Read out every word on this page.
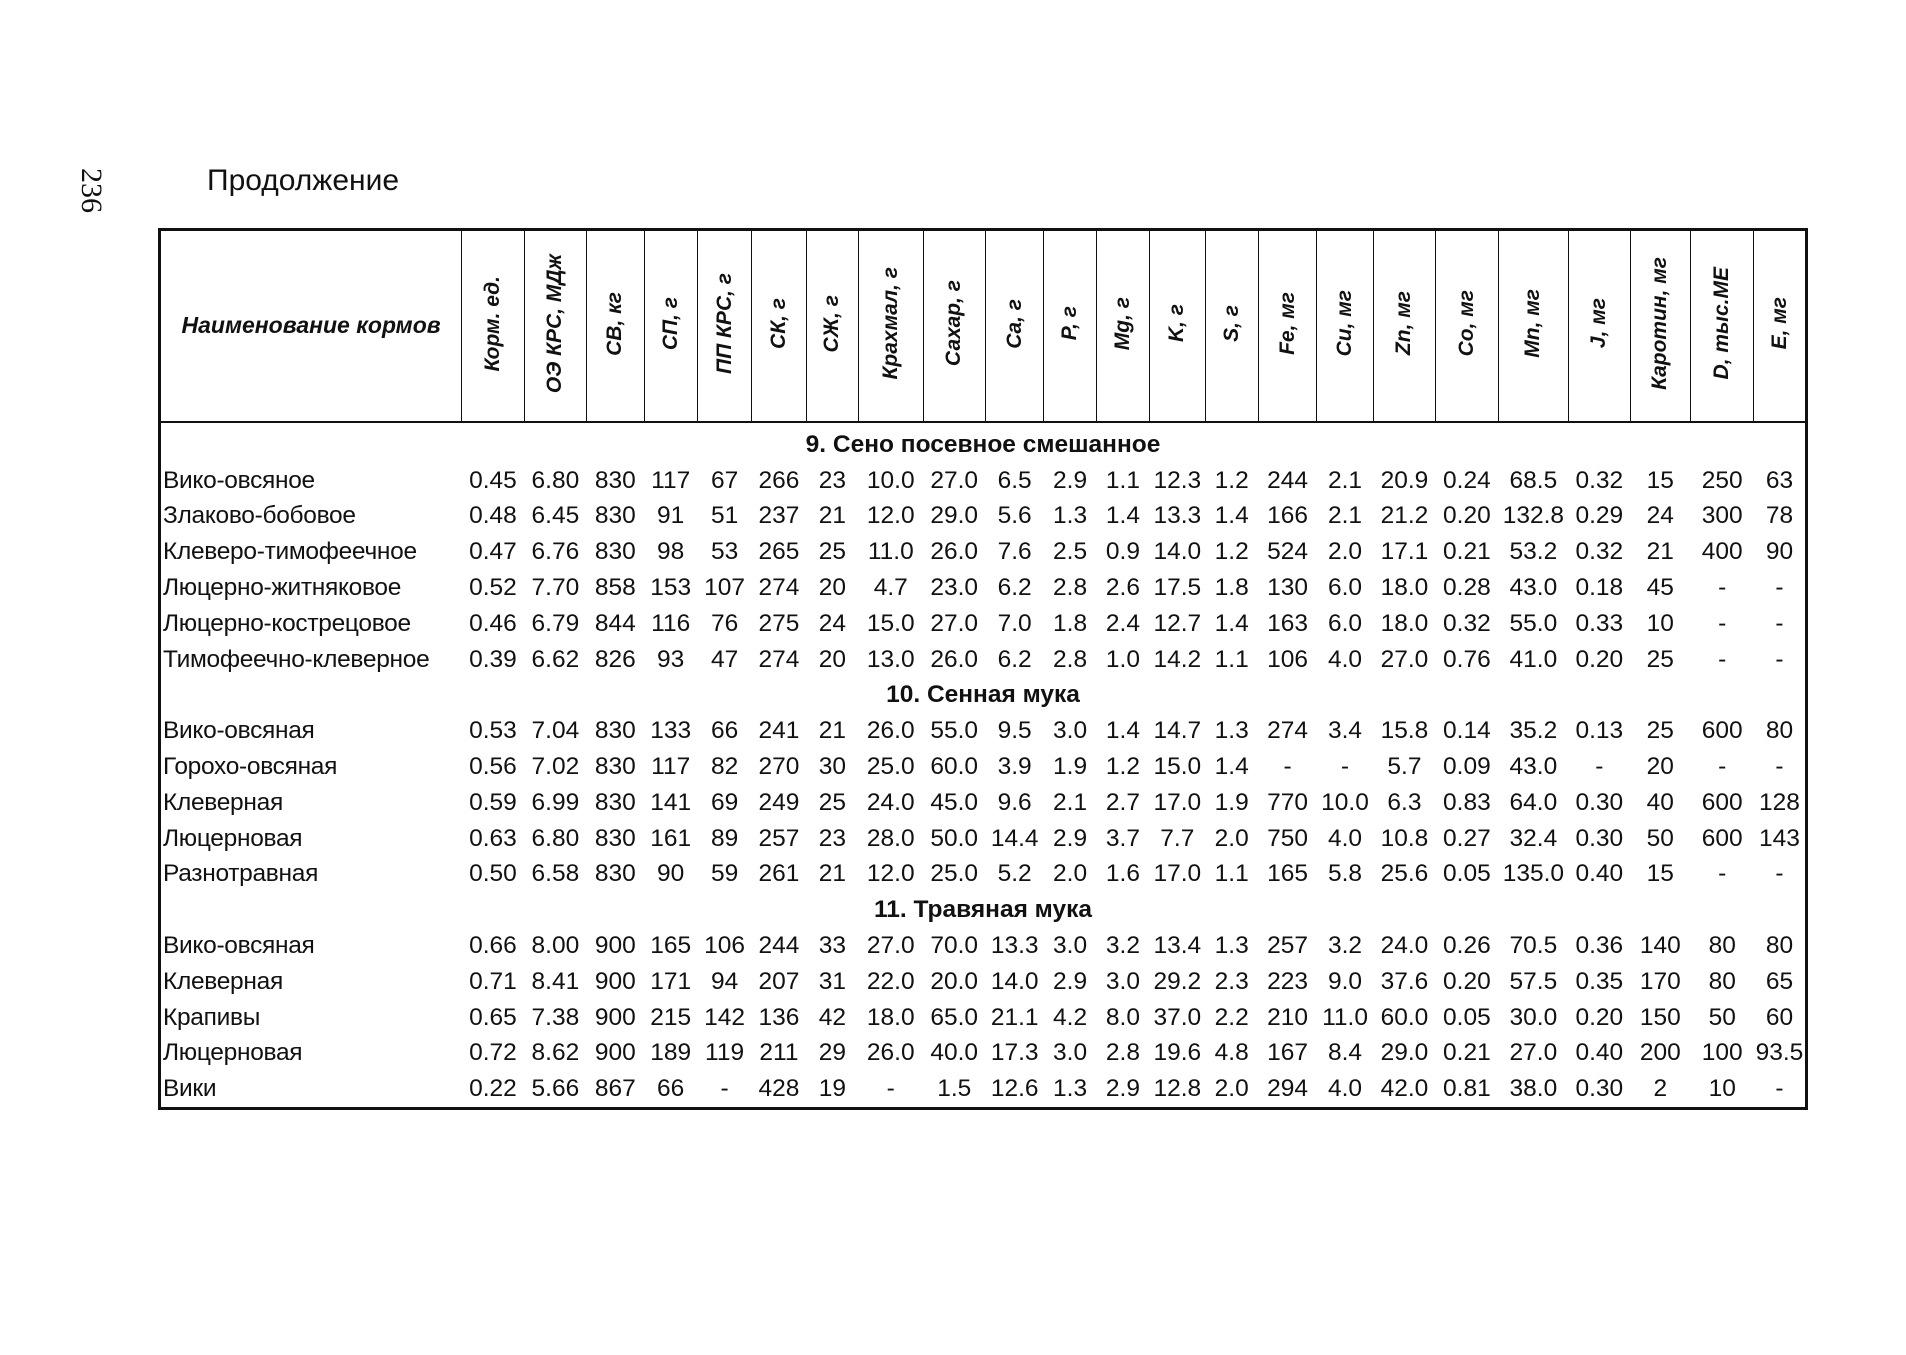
236	Продолжение
Наименование кормов	Корм. ед.	ОЭ КРС, МДж	СВ, кг	СП, г	ПП КРС, г	СК, г	СЖ, г	Крахмал, г	Сахар, г	Ca, г	P, г	Mg, г	K, г	S, г	Fe, мг	Cu, мг	Zn, мг	Co, мг	Mn, мг	J, мг	Каротин, мг	D, тыс.МЕ	E, мг
9. Сено посевное смешанное																							
Вико-овсяное	0.45	6.80	830	117	67	266	23	10.0	27.0	6.5	2.9	1.1	12.3	1.2	244	2.1	20.9	0.24	68.5	0.32	15	250	63
Злаково-бобовое	0.48	6.45	830	91	51	237	21	12.0	29.0	5.6	1.3	1.4	13.3	1.4	166	2.1	21.2	0.20	132.8	0.29	24	300	78
Клеверо-тимофеечное	0.47	6.76	830	98	53	265	25	11.0	26.0	7.6	2.5	0.9	14.0	1.2	524	2.0	17.1	0.21	53.2	0.32	21	400	90
Люцерно-житняковое	0.52	7.70	858	153	107	274	20	4.7	23.0	6.2	2.8	2.6	17.5	1.8	130	6.0	18.0	0.28	43.0	0.18	45	-	-
Люцерно-кострецовое	0.46	6.79	844	116	76	275	24	15.0	27.0	7.0	1.8	2.4	12.7	1.4	163	6.0	18.0	0.32	55.0	0.33	10	-	-
Тимофеечно-клеверное	0.39	6.62	826	93	47	274	20	13.0	26.0	6.2	2.8	1.0	14.2	1.1	106	4.0	27.0	0.76	41.0	0.20	25	-	-
10. Сенная мука																							
Вико-овсяная	0.53	7.04	830	133	66	241	21	26.0	55.0	9.5	3.0	1.4	14.7	1.3	274	3.4	15.8	0.14	35.2	0.13	25	600	80
Горохо-овсяная	0.56	7.02	830	117	82	270	30	25.0	60.0	3.9	1.9	1.2	15.0	1.4	-	-	5.7	0.09	43.0	-	20	-	-
Клеверная	0.59	6.99	830	141	69	249	25	24.0	45.0	9.6	2.1	2.7	17.0	1.9	770	10.0	6.3	0.83	64.0	0.30	40	600	128
Люцерновая	0.63	6.80	830	161	89	257	23	28.0	50.0	14.4	2.9	3.7	7.7	2.0	750	4.0	10.8	0.27	32.4	0.30	50	600	143
Разнотравная	0.50	6.58	830	90	59	261	21	12.0	25.0	5.2	2.0	1.6	17.0	1.1	165	5.8	25.6	0.05	135.0	0.40	15	-	-
11. Травяная мука																							
Вико-овсяная	0.66	8.00	900	165	106	244	33	27.0	70.0	13.3	3.0	3.2	13.4	1.3	257	3.2	24.0	0.26	70.5	0.36	140	80	80
Клеверная	0.71	8.41	900	171	94	207	31	22.0	20.0	14.0	2.9	3.0	29.2	2.3	223	9.0	37.6	0.20	57.5	0.35	170	80	65
Крапивы	0.65	7.38	900	215	142	136	42	18.0	65.0	21.1	4.2	8.0	37.0	2.2	210	11.0	60.0	0.05	30.0	0.20	150	50	60
Люцерновая	0.72	8.62	900	189	119	211	29	26.0	40.0	17.3	3.0	2.8	19.6	4.8	167	8.4	29.0	0.21	27.0	0.40	200	100	93.5
Вики	0.22	5.66	867	66	-	428	19	-	1.5	12.6	1.3	2.9	12.8	2.0	294	4.0	42.0	0.81	38.0	0.30	2	10	-
